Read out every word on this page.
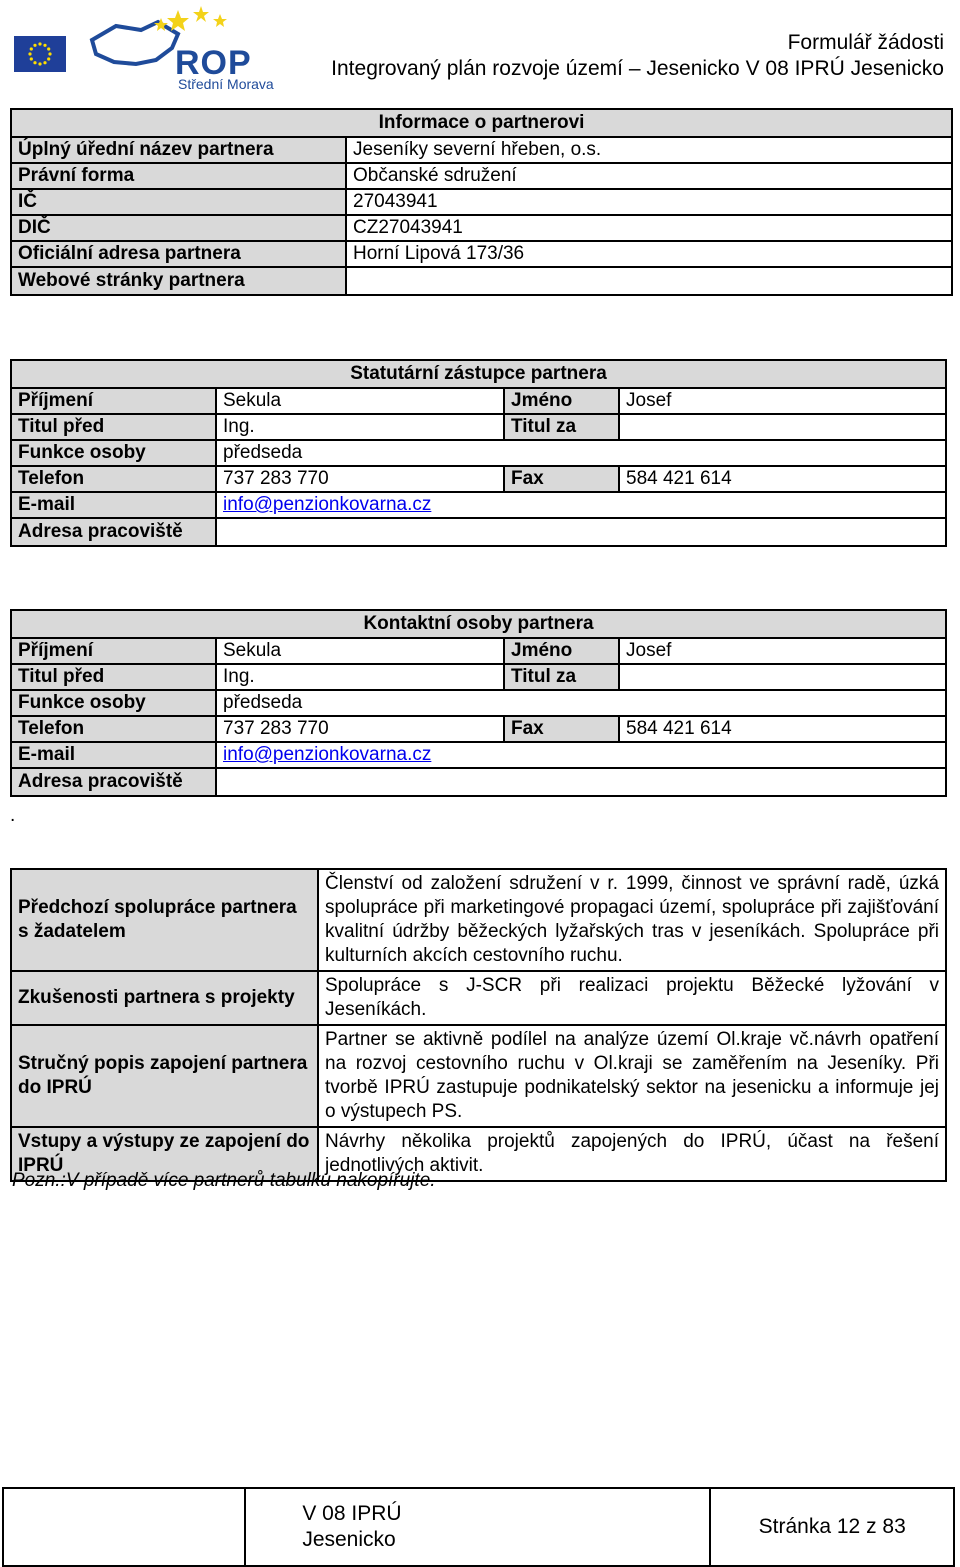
ROP
Střední Morava
Formulář žádosti
Integrovaný plán rozvoje území – Jesenicko V 08 IPRÚ Jesenicko
Informace o partnerovi	
Úplný úřední název partnera	Jeseníky severní hřeben, o.s.
Právní forma	Občanské sdružení
IČ	27043941
DIČ	CZ27043941
Oficiální adresa partnera	Horní Lipová 173/36
Webové stránky partnera	
Statutární zástupce partnera			
Příjmení	Sekula	Jméno	Josef
Titul před	Ing.	Titul za	
Funkce osoby	předseda		
Telefon	737 283 770	Fax	584 421 614
E-mail	info@penzionkovarna.cz		
Adresa pracoviště			
Kontaktní osoby partnera			
Příjmení	Sekula	Jméno	Josef
Titul před	Ing.	Titul za	
Funkce osoby	předseda		
Telefon	737 283 770	Fax	584 421 614
E-mail	info@penzionkovarna.cz		
Adresa pracoviště			
.
Předchozí spolupráce partnera s žadatelem	Členství od založení sdružení v r. 1999, činnost ve správní radě, úzká spolupráce při marketingové propagaci území, spolupráce při zajišťování kvalitní údržby běžeckých lyžařských tras v jeseníkách. Spolupráce při kulturních akcích cestovního ruchu.
Zkušenosti partnera s projekty	Spolupráce s J-SCR při realizaci projektu Běžecké lyžování v Jeseníkách.
Stručný popis zapojení partnera do IPRÚ	Partner se aktivně podílel na analýze území Ol.kraje vč.návrh opatření na rozvoj cestovního ruchu v Ol.kraji se zaměřením na Jeseníky. Při tvorbě IPRÚ zastupuje podnikatelský sektor na jesenicku a informuje jej o výstupech PS.
Vstupy a výstupy ze zapojení do IPRÚ	Návrhy několika projektů zapojených do IPRÚ, účast na řešení jednotlivých aktivit.
Pozn.:V případě více partnerů tabulku nakopírujte.

V 08 IPRÚ
Jesenicko
	Stránka 12 z 83
